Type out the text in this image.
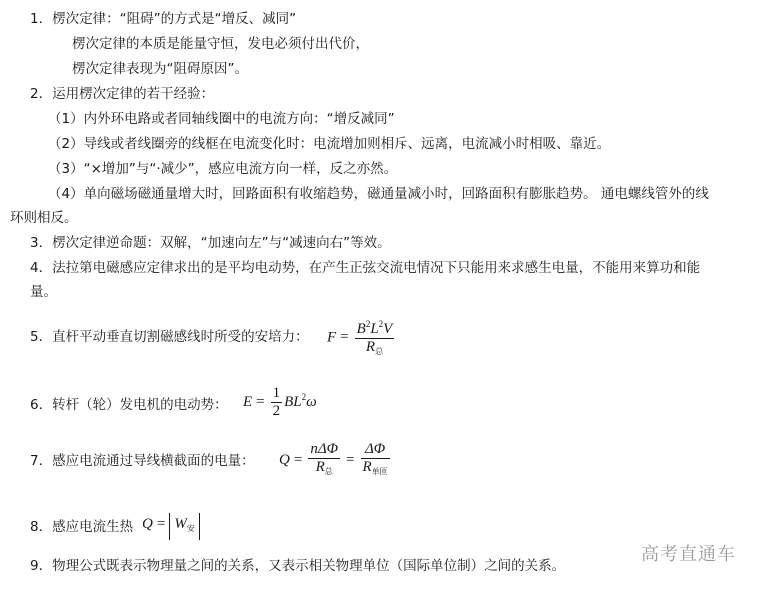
1．楞次定律：“阻碍”的方式是“增反、减同”
楞次定律的本质是能量守恒，发电必须付出代价，
楞次定律表现为“阻碍原因”。
2．运用楞次定律的若干经验：
（1）内外环电路或者同轴线圈中的电流方向：“增反减同”
（2）导线或者线圈旁的线框在电流变化时：电流增加则相斥、远离，电流减小时相吸、靠近。
（3）“×增加”与“·减少”，感应电流方向一样，反之亦然。
（4）单向磁场磁通量增大时，回路面积有收缩趋势，磁通量减小时，回路面积有膨胀趋势。 通电螺线管外的线
环则相反。
3．楞次定律逆命题：双解，“加速向左”与“减速向右”等效。
4．法拉第电磁感应定律求出的是平均电动势，在产生正弦交流电情况下只能用来求感生电量，不能用来算功和能
量。
5．直杆平动垂直切割磁感线时所受的安培力： $F = \frac{B^2L^2V}{R_总}$
6．转杆（轮）发电机的电动势： $E = \frac{1}{2} BL^2\omega$
7．感应电流通过导线横截面的电量： $Q = \frac{\text{nΔΦ}}{R_总} = \frac{\Delta\Phi}{R_{单匝}}$
8．感应电流生热 $Q = W_安$
9．物理公式既表示物理量之间的关系，又表示相关物理单位（国际单位制）之间的关系。
高考直通车
